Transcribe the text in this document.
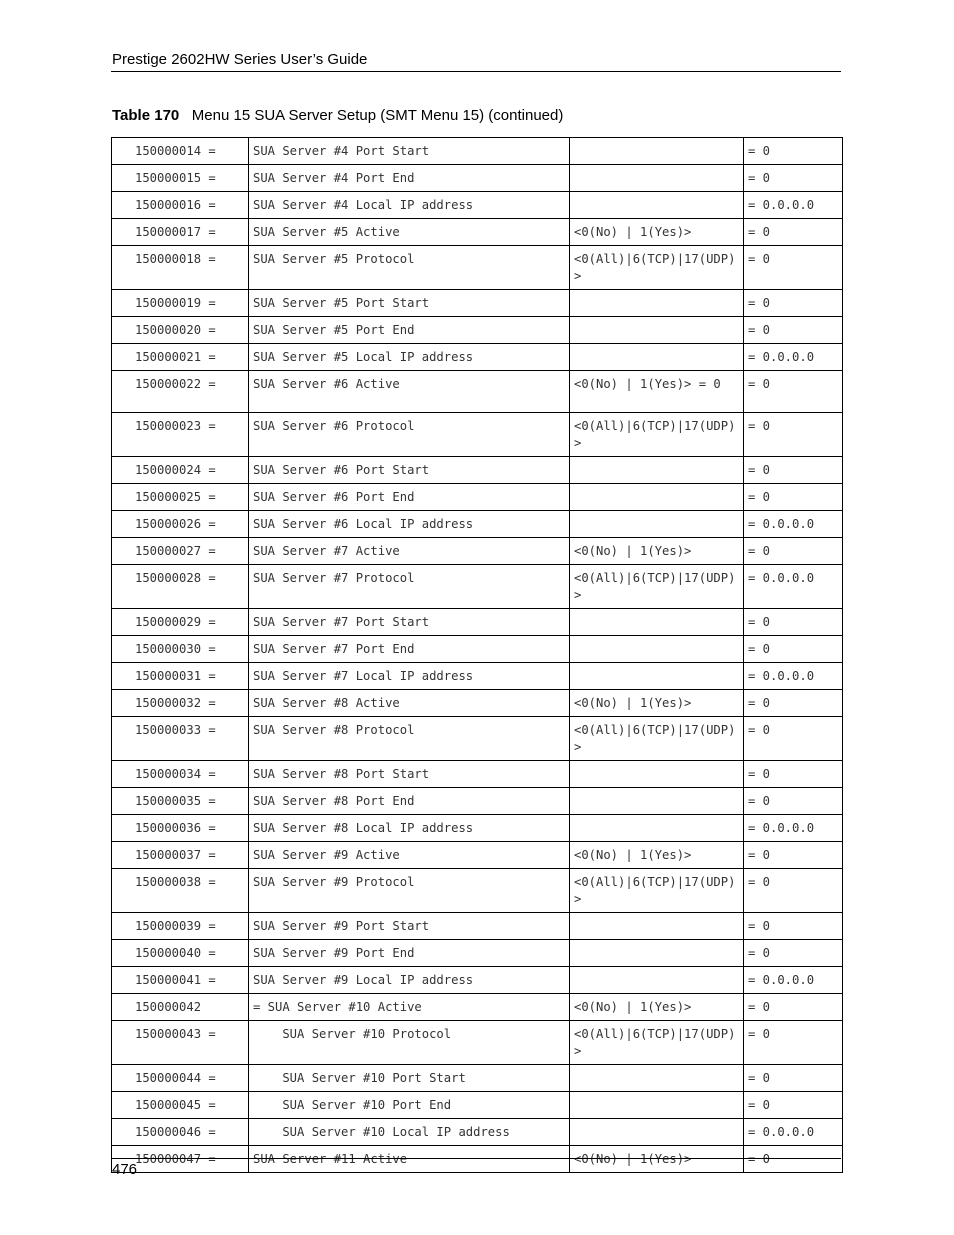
Prestige 2602HW Series User’s Guide
Table 170 Menu 15 SUA Server Setup (SMT Menu 15) (continued)
150000014 =	SUA Server #4 Port Start		= 0
150000015 =	SUA Server #4 Port End		= 0
150000016 =	SUA Server #4 Local IP address		= 0.0.0.0
150000017 =	SUA Server #5 Active	<0(No) | 1(Yes)>	= 0
150000018 =	SUA Server #5 Protocol	<0(All)|6(TCP)|17(UDP)>	= 0
150000019 =	SUA Server #5 Port Start		= 0
150000020 =	SUA Server #5 Port End		= 0
150000021 =	SUA Server #5 Local IP address		= 0.0.0.0
150000022 =	SUA Server #6 Active	<0(No) | 1(Yes)> = 0	= 0
150000023 =	SUA Server #6 Protocol	<0(All)|6(TCP)|17(UDP)>	= 0
150000024 =	SUA Server #6 Port Start		= 0
150000025 =	SUA Server #6 Port End		= 0
150000026 =	SUA Server #6 Local IP address		= 0.0.0.0
150000027 =	SUA Server #7 Active	<0(No) | 1(Yes)>	= 0
150000028 =	SUA Server #7 Protocol	<0(All)|6(TCP)|17(UDP)>	= 0.0.0.0
150000029 =	SUA Server #7 Port Start		= 0
150000030 =	SUA Server #7 Port End		= 0
150000031 =	SUA Server #7 Local IP address		= 0.0.0.0
150000032 =	SUA Server #8 Active	<0(No) | 1(Yes)>	= 0
150000033 =	SUA Server #8 Protocol	<0(All)|6(TCP)|17(UDP)>	= 0
150000034 =	SUA Server #8 Port Start		= 0
150000035 =	SUA Server #8 Port End		= 0
150000036 =	SUA Server #8 Local IP address		= 0.0.0.0
150000037 =	SUA Server #9 Active	<0(No) | 1(Yes)>	= 0
150000038 =	SUA Server #9 Protocol	<0(All)|6(TCP)|17(UDP)>	= 0
150000039 =	SUA Server #9 Port Start		= 0
150000040 =	SUA Server #9 Port End		= 0
150000041 =	SUA Server #9 Local IP address		= 0.0.0.0
150000042	= SUA Server #10 Active	<0(No) | 1(Yes)>	= 0
150000043 =	SUA Server #10 Protocol	<0(All)|6(TCP)|17(UDP)>	= 0
150000044 =	SUA Server #10 Port Start		= 0
150000045 =	SUA Server #10 Port End		= 0
150000046 =	SUA Server #10 Local IP address		= 0.0.0.0
150000047 =	SUA Server #11 Active	<0(No) | 1(Yes)>	= 0
476
